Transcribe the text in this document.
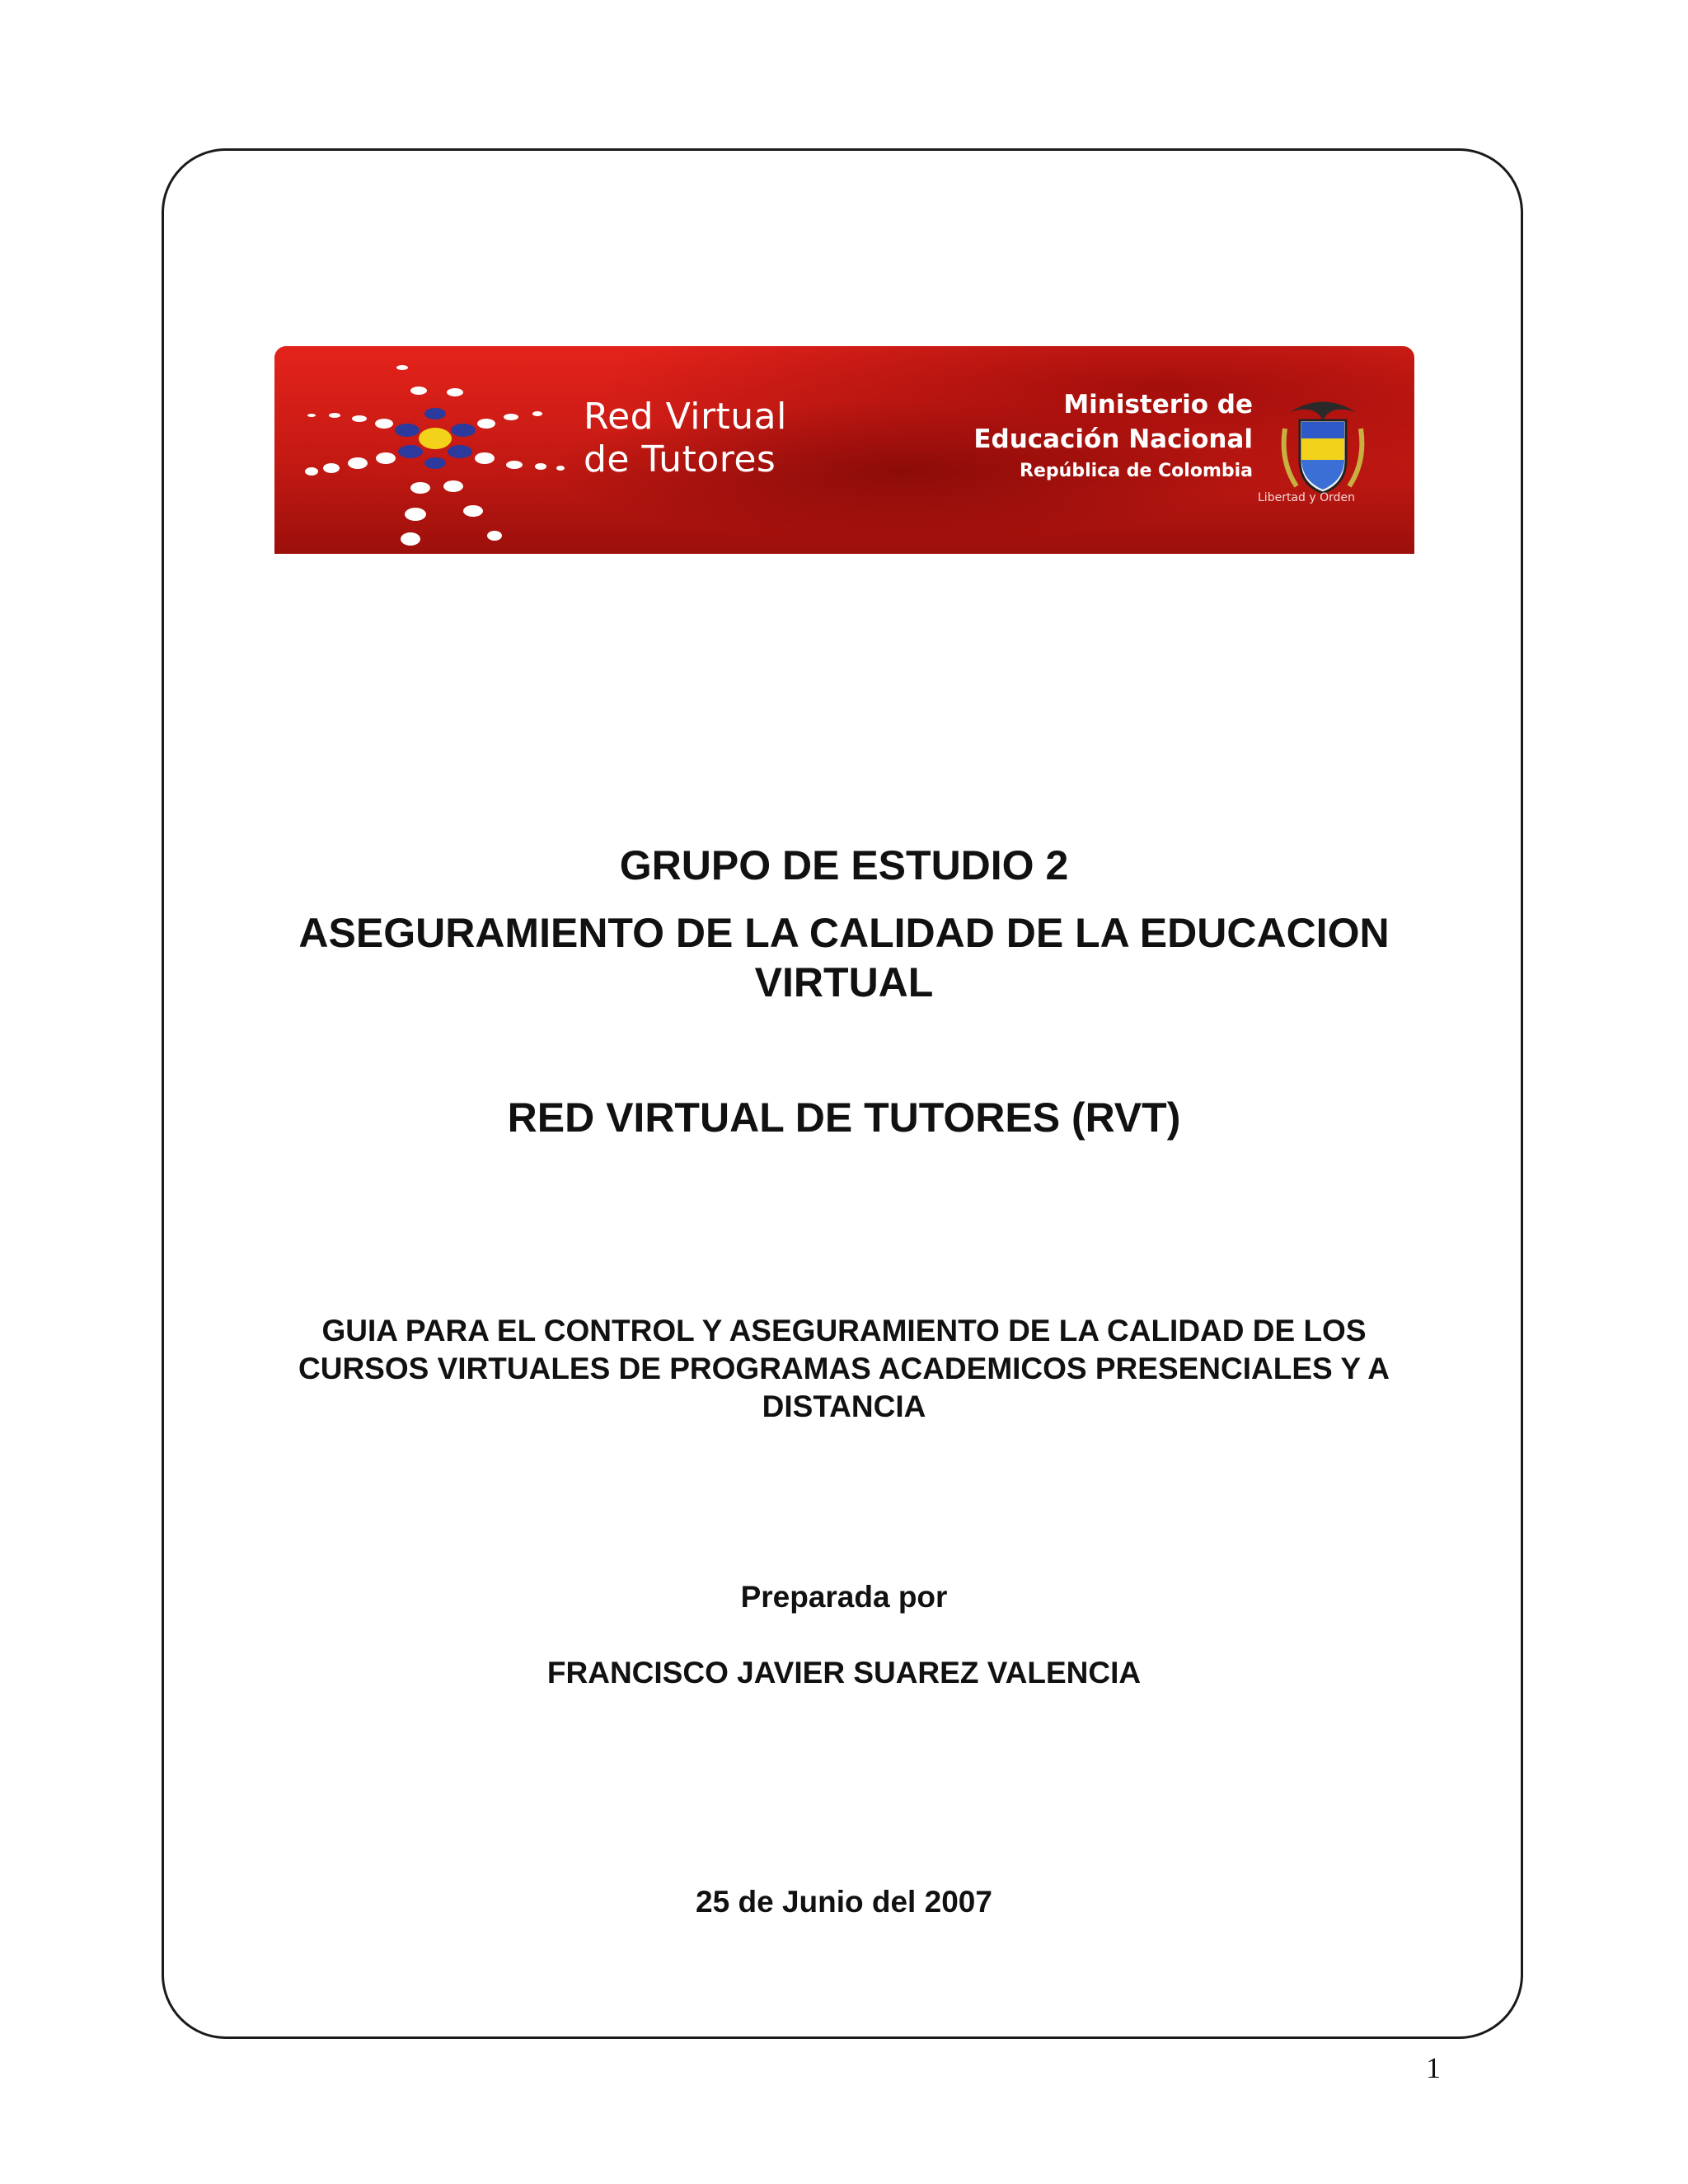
Red Virtual
de Tutores
Ministerio de
Educación Nacional
República de Colombia
Libertad y Orden
GRUPO DE ESTUDIO 2
ASEGURAMIENTO DE LA CALIDAD DE LA EDUCACION
VIRTUAL
RED VIRTUAL DE TUTORES (RVT)
GUIA PARA EL CONTROL Y ASEGURAMIENTO DE LA CALIDAD DE LOS
CURSOS VIRTUALES DE PROGRAMAS ACADEMICOS PRESENCIALES Y A
DISTANCIA
Preparada por
FRANCISCO JAVIER SUAREZ VALENCIA
25 de Junio del 2007
1
